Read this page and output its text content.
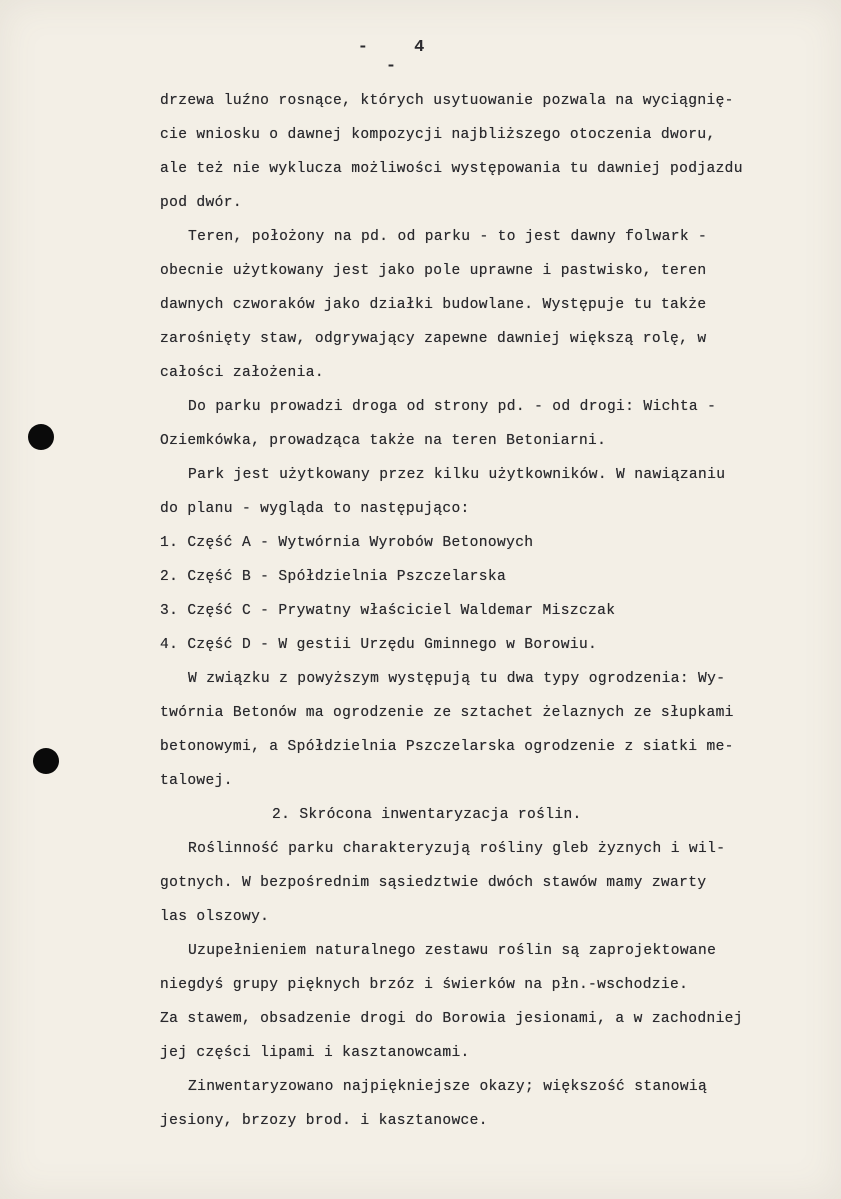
- 4 -
drzewa luźno rosnące, których usytuowanie pozwala na wyciągnię-
cie wniosku o dawnej kompozycji najbliższego otoczenia dworu,
ale też nie wyklucza możliwości występowania tu dawniej podjazdu
pod dwór.
Teren, położony na pd. od parku - to jest dawny folwark -
obecnie użytkowany jest jako pole uprawne i pastwisko, teren
dawnych czworaków jako działki budowlane. Występuje tu także
zarośnięty staw, odgrywający zapewne dawniej większą rolę, w
całości założenia.
Do parku prowadzi droga od strony pd. - od drogi: Wichta -
Oziemkówka, prowadząca także na teren Betoniarni.
Park jest użytkowany przez kilku użytkowników. W nawiązaniu
do planu - wygląda to następująco:
1. Część A - Wytwórnia Wyrobów Betonowych
2. Część B - Spółdzielnia Pszczelarska
3. Część C - Prywatny właściciel Waldemar Miszczak
4. Część D - W gestii Urzędu Gminnego w Borowiu.
W związku z powyższym występują tu dwa typy ogrodzenia: Wy-
twórnia Betonów ma ogrodzenie ze sztachet żelaznych ze słupkami
betonowymi, a Spółdzielnia Pszczelarska ogrodzenie z siatki me-
talowej.
2. Skrócona inwentaryzacja roślin.
Roślinność parku charakteryzują rośliny gleb żyznych i wil-
gotnych. W bezpośrednim sąsiedztwie dwóch stawów mamy zwarty
las olszowy.
Uzupełnieniem naturalnego zestawu roślin są zaprojektowane
niegdyś grupy pięknych brzóz i świerków na płn.-wschodzie.
Za stawem, obsadzenie drogi do Borowia jesionami, a w zachodniej
jej części lipami i kasztanowcami.
Zinwentaryzowano najpiękniejsze okazy; większość stanowią
jesiony, brzozy brod. i kasztanowce.
